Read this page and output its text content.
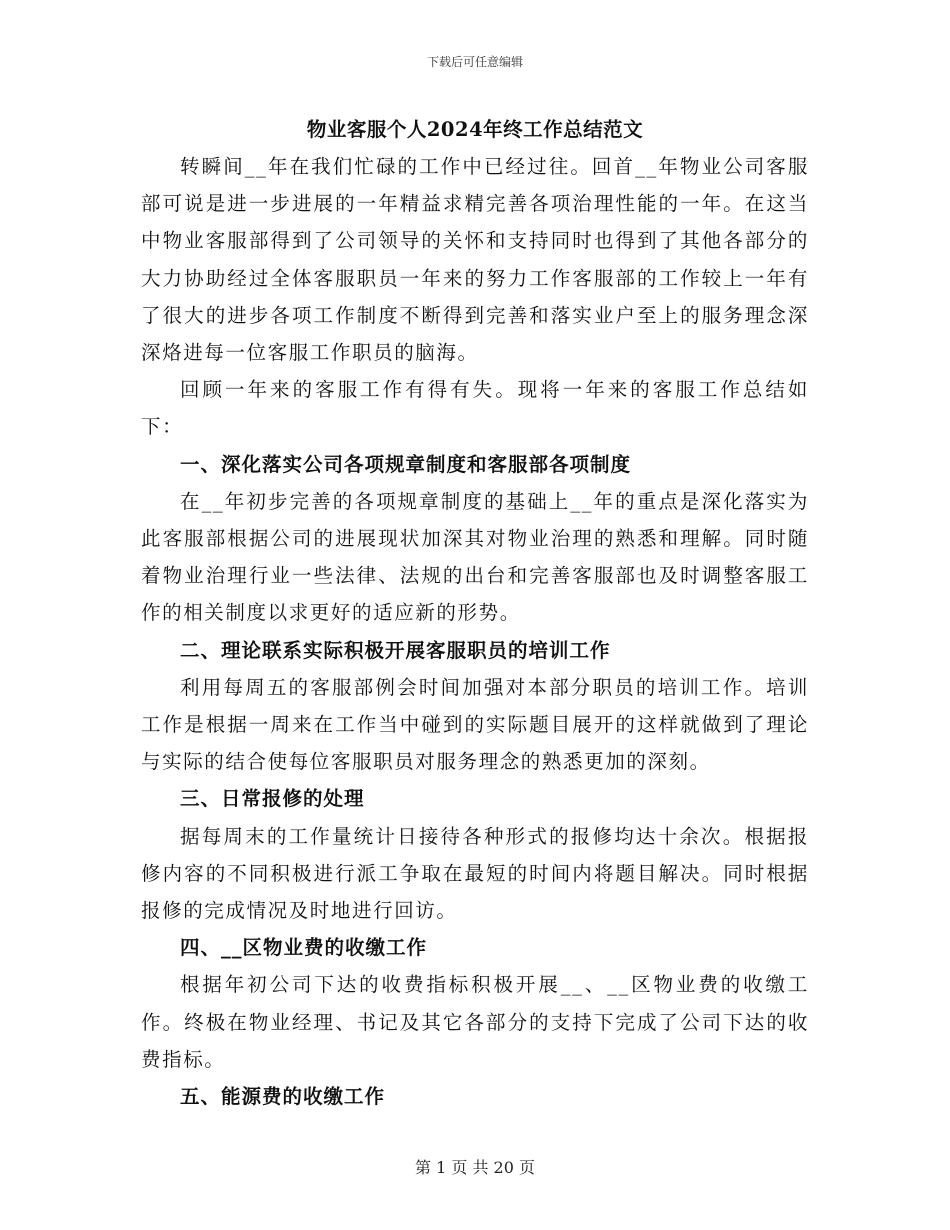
下载后可任意编辑
物业客服个人2024年终工作总结范文

转瞬间__年在我们忙碌的工作中已经过往。回首__年物业公司客服部可说是进一步进展的一年精益求精完善各项治理性能的一年。在这当中物业客服部得到了公司领导的关怀和支持同时也得到了其他各部分的大力协助经过全体客服职员一年来的努力工作客服部的工作较上一年有了很大的进步各项工作制度不断得到完善和落实业户至上的服务理念深深烙进每一位客服工作职员的脑海。

回顾一年来的客服工作有得有失。现将一年来的客服工作总结如下：

一、深化落实公司各项规章制度和客服部各项制度

在__年初步完善的各项规章制度的基础上__年的重点是深化落实为此客服部根据公司的进展现状加深其对物业治理的熟悉和理解。同时随着物业治理行业一些法律、法规的出台和完善客服部也及时调整客服工作的相关制度以求更好的适应新的形势。

二、理论联系实际积极开展客服职员的培训工作

利用每周五的客服部例会时间加强对本部分职员的培训工作。培训工作是根据一周来在工作当中碰到的实际题目展开的这样就做到了理论与实际的结合使每位客服职员对服务理念的熟悉更加的深刻。

三、日常报修的处理

据每周末的工作量统计日接待各种形式的报修均达十余次。根据报修内容的不同积极进行派工争取在最短的时间内将题目解决。同时根据报修的完成情况及时地进行回访。

四、__区物业费的收缴工作

根据年初公司下达的收费指标积极开展__、__区物业费的收缴工作。终极在物业经理、书记及其它各部分的支持下完成了公司下达的收费指标。

五、能源费的收缴工作

第 1 页 共 20 页
